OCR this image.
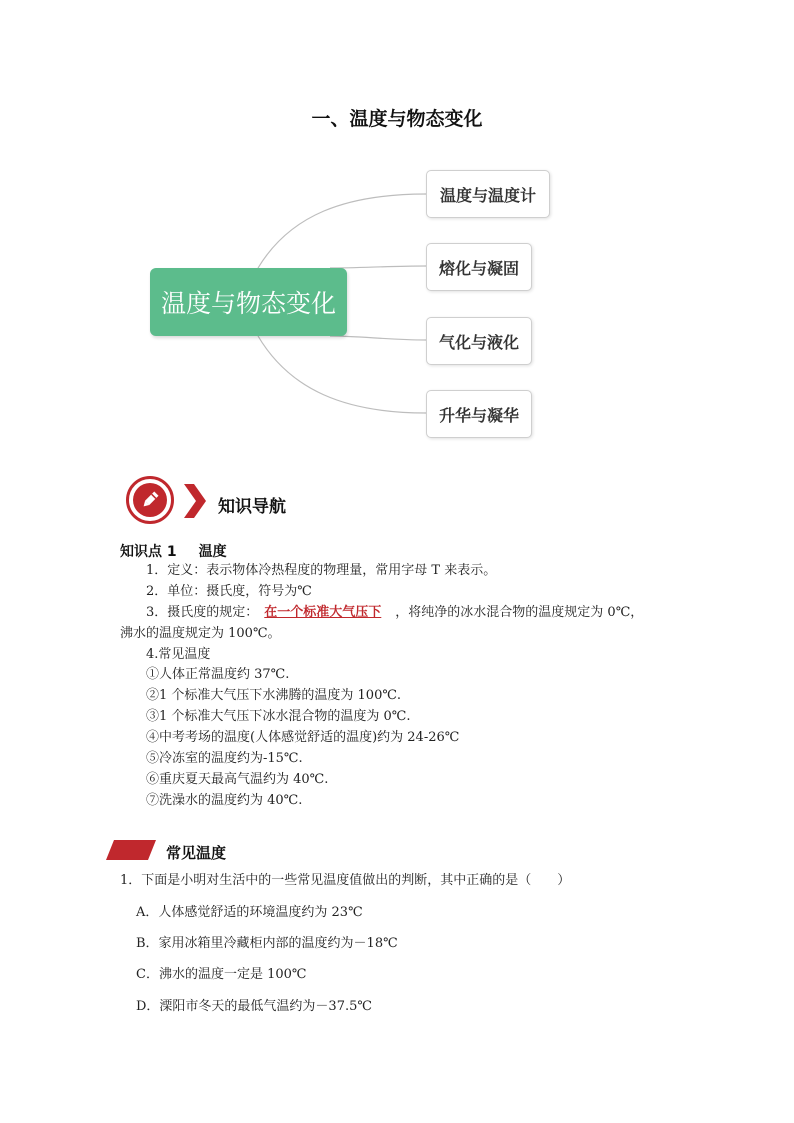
一、温度与物态变化
温度与物态变化
温度与温度计
熔化与凝固
气化与液化
升华与凝华
知识导航
知识点 1 温度
1．定义：表示物体冷热程度的物理量，常用字母 T 来表示。
2．单位：摄氏度，符号为℃
3．摄氏度的规定： 在一个标准大气压下 ，将纯净的冰水混合物的温度规定为 0℃，
沸水的温度规定为 100℃。
4.常见温度
①人体正常温度约 37℃.
②1 个标准大气压下水沸腾的温度为 100℃.
③1 个标准大气压下冰水混合物的温度为 0℃.
④中考考场的温度(人体感觉舒适的温度)约为 24-26℃
⑤冷冻室的温度约为-15℃.
⑥重庆夏天最高气温约为 40℃.
⑦洗澡水的温度约为 40℃.
常见温度
1．下面是小明对生活中的一些常见温度值做出的判断，其中正确的是（　　）
A．人体感觉舒适的环境温度约为 23℃
B．家用冰箱里冷藏柜内部的温度约为－18℃
C．沸水的温度一定是 100℃
D．溧阳市冬天的最低气温约为－37.5℃
